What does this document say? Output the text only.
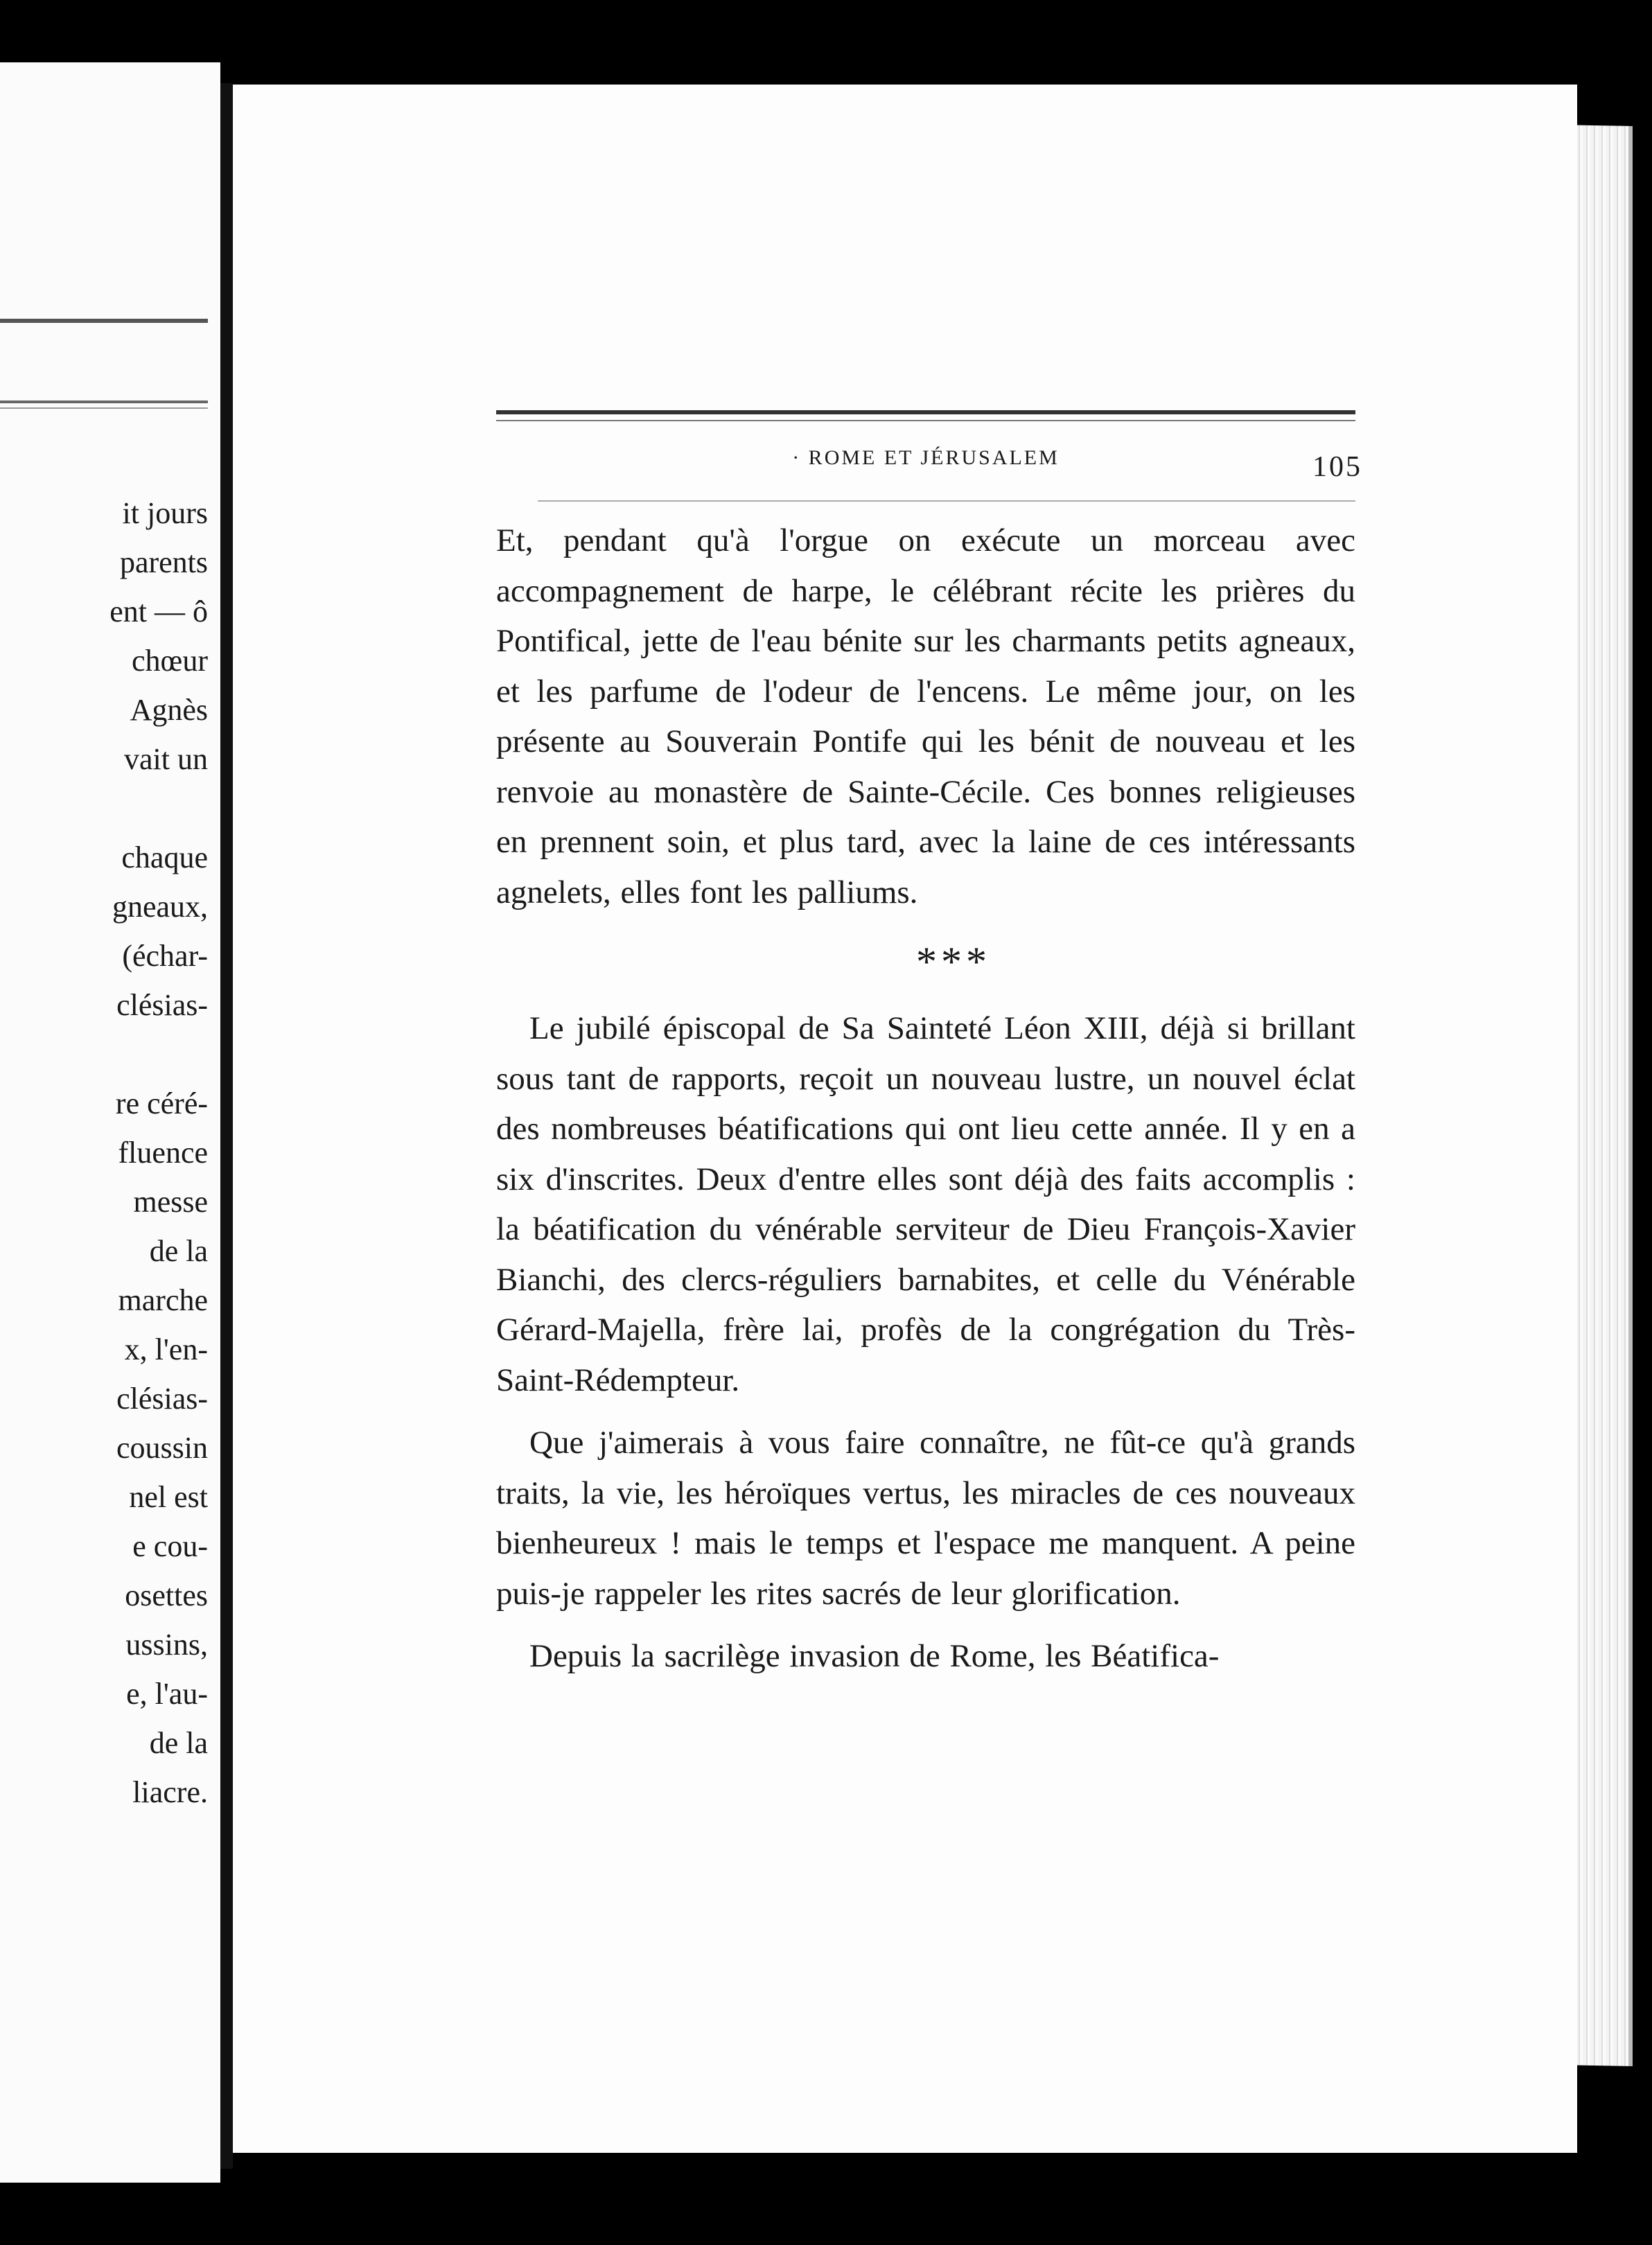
it jours
parents
ent — ô
chœur
Agnès
vait un
chaque
gneaux,
(échar-
clésias-
re céré-
fluence
messe
de la
marche
x, l'en-
clésias-
coussin
nel est
e cou-
osettes
ussins,
e, l'au-
de la
liacre.
· ROME ET JÉRUSALEM	105

Et, pendant qu'à l'orgue on exécute un morceau avec accompagnement de harpe, le célébrant récite les prières du Pontifical, jette de l'eau bénite sur les charmants petits agneaux, et les parfume de l'odeur de l'encens. Le même jour, on les présente au Souverain Pontife qui les bénit de nouveau et les renvoie au monastère de Sainte-Cécile. Ces bonnes religieuses en prennent soin, et plus tard, avec la laine de ces intéressants agnelets, elles font les palliums.

***

Le jubilé épiscopal de Sa Sainteté Léon XIII, déjà si brillant sous tant de rapports, reçoit un nouveau lustre, un nouvel éclat des nombreuses béatifications qui ont lieu cette année. Il y en a six d'inscrites. Deux d'entre elles sont déjà des faits accomplis : la béatification du vénérable serviteur de Dieu François-Xavier Bianchi, des clercs-réguliers barnabites, et celle du Vénérable Gérard-Majella, frère lai, profès de la congrégation du Très-Saint-Rédempteur.

Que j'aimerais à vous faire connaître, ne fût-ce qu'à grands traits, la vie, les héroïques vertus, les miracles de ces nouveaux bienheureux ! mais le temps et l'espace me manquent. A peine puis-je rappeler les rites sacrés de leur glorification.

Depuis la sacrilège invasion de Rome, les Béatifica-
